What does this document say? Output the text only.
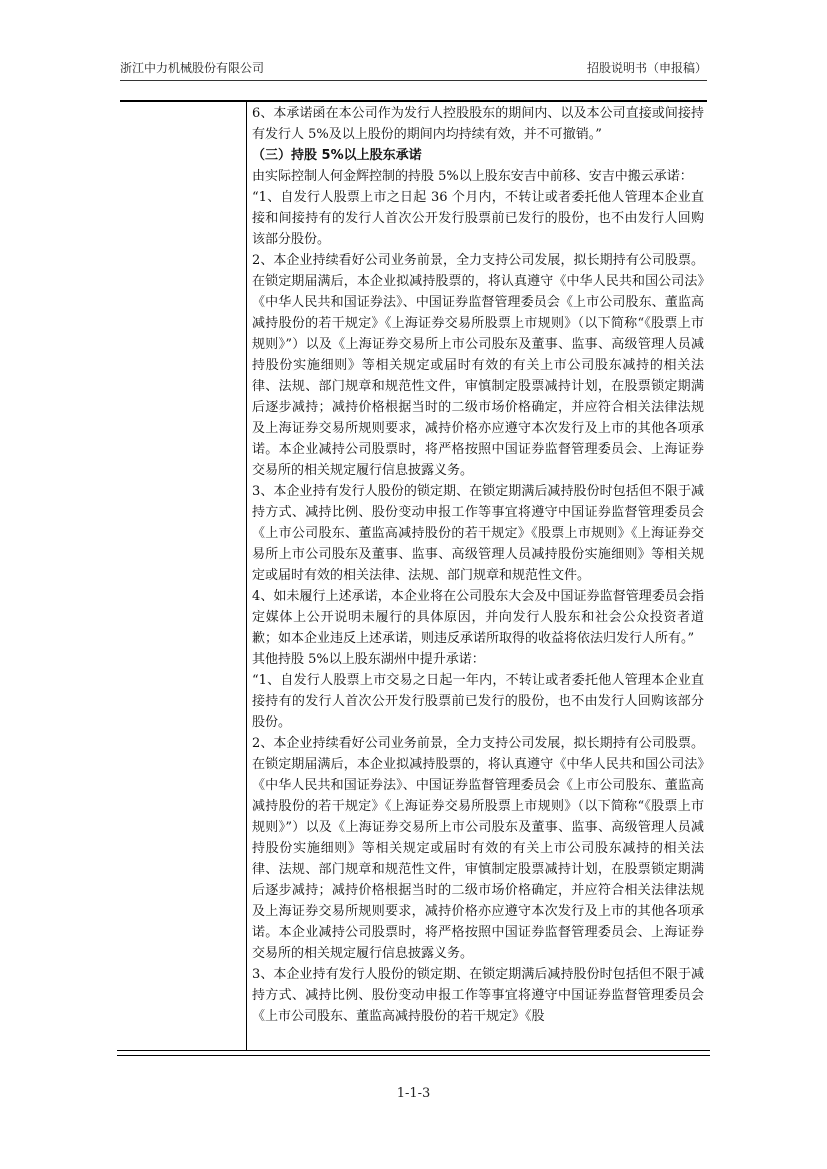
浙江中力机械股份有限公司	招股说明书（申报稿）

6、本承诺函在本公司作为发行人控股股东的期间内、以及本公司直接或间接持有发行人 5%及以上股份的期间内均持续有效，并不可撤销。”

（三）持股 5%以上股东承诺

由实际控制人何金辉控制的持股 5%以上股东安吉中前移、安吉中搬云承诺：

“1、自发行人股票上市之日起 36 个月内，不转让或者委托他人管理本企业直接和间接持有的发行人首次公开发行股票前已发行的股份，也不由发行人回购该部分股份。

2、本企业持续看好公司业务前景，全力支持公司发展，拟长期持有公司股票。在锁定期届满后，本企业拟减持股票的，将认真遵守《中华人民共和国公司法》《中华人民共和国证券法》、中国证券监督管理委员会《上市公司股东、董监高减持股份的若干规定》《上海证券交易所股票上市规则》（以下简称“《股票上市规则》”）以及《上海证券交易所上市公司股东及董事、监事、高级管理人员减持股份实施细则》等相关规定或届时有效的有关上市公司股东减持的相关法律、法规、部门规章和规范性文件，审慎制定股票减持计划，在股票锁定期满后逐步减持；减持价格根据当时的二级市场价格确定，并应符合相关法律法规及上海证券交易所规则要求，减持价格亦应遵守本次发行及上市的其他各项承诺。本企业减持公司股票时，将严格按照中国证券监督管理委员会、上海证券交易所的相关规定履行信息披露义务。

3、本企业持有发行人股份的锁定期、在锁定期满后减持股份时包括但不限于减持方式、减持比例、股份变动申报工作等事宜将遵守中国证券监督管理委员会《上市公司股东、董监高减持股份的若干规定》《股票上市规则》《上海证券交易所上市公司股东及董事、监事、高级管理人员减持股份实施细则》等相关规定或届时有效的相关法律、法规、部门规章和规范性文件。

4、如未履行上述承诺，本企业将在公司股东大会及中国证券监督管理委员会指定媒体上公开说明未履行的具体原因，并向发行人股东和社会公众投资者道歉；如本企业违反上述承诺，则违反承诺所取得的收益将依法归发行人所有。”

其他持股 5%以上股东湖州中提升承诺：

“1、自发行人股票上市交易之日起一年内，不转让或者委托他人管理本企业直接持有的发行人首次公开发行股票前已发行的股份，也不由发行人回购该部分股份。

2、本企业持续看好公司业务前景，全力支持公司发展，拟长期持有公司股票。在锁定期届满后，本企业拟减持股票的，将认真遵守《中华人民共和国公司法》《中华人民共和国证券法》、中国证券监督管理委员会《上市公司股东、董监高减持股份的若干规定》《上海证券交易所股票上市规则》（以下简称“《股票上市规则》”）以及《上海证券交易所上市公司股东及董事、监事、高级管理人员减持股份实施细则》等相关规定或届时有效的有关上市公司股东减持的相关法律、法规、部门规章和规范性文件，审慎制定股票减持计划，在股票锁定期满后逐步减持；减持价格根据当时的二级市场价格确定，并应符合相关法律法规及上海证券交易所规则要求，减持价格亦应遵守本次发行及上市的其他各项承诺。本企业减持公司股票时，将严格按照中国证券监督管理委员会、上海证券交易所的相关规定履行信息披露义务。

3、本企业持有发行人股份的锁定期、在锁定期满后减持股份时包括但不限于减持方式、减持比例、股份变动申报工作等事宜将遵守中国证券监督管理委员会《上市公司股东、董监高减持股份的若干规定》《股

1-1-3
